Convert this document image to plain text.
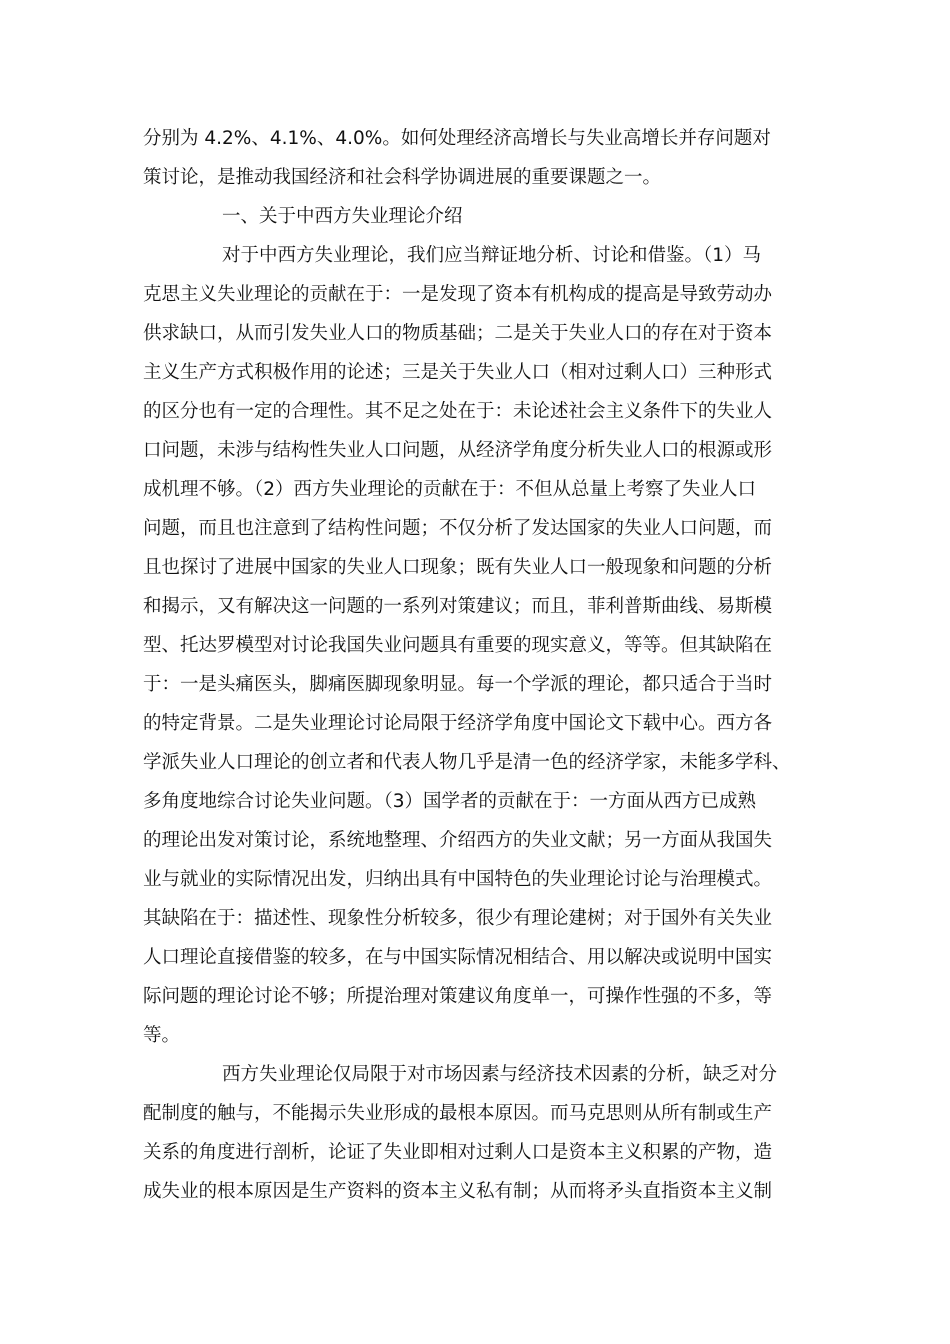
分别为 4.2%、4.1%、4.0%。如何处理经济高增长与失业高增长并存问题对
策讨论，是推动我国经济和社会科学协调进展的重要课题之一。
一、关于中西方失业理论介绍
对于中西方失业理论，我们应当辩证地分析、讨论和借鉴。（1）马
克思主义失业理论的贡献在于：一是发现了资本有机构成的提高是导致劳动办
供求缺口，从而引发失业人口的物质基础；二是关于失业人口的存在对于资本
主义生产方式积极作用的论述；三是关于失业人口（相对过剩人口）三种形式
的区分也有一定的合理性。其不足之处在于：未论述社会主义条件下的失业人
口问题，未涉与结构性失业人口问题，从经济学角度分析失业人口的根源或形
成机理不够。（2）西方失业理论的贡献在于：不但从总量上考察了失业人口
问题，而且也注意到了结构性问题；不仅分析了发达国家的失业人口问题，而
且也探讨了进展中国家的失业人口现象；既有失业人口一般现象和问题的分析
和揭示，又有解决这一问题的一系列对策建议；而且，菲利普斯曲线、易斯模
型、托达罗模型对讨论我国失业问题具有重要的现实意义，等等。但其缺陷在
于：一是头痛医头，脚痛医脚现象明显。每一个学派的理论，都只适合于当时
的特定背景。二是失业理论讨论局限于经济学角度中国论文下载中心。西方各
学派失业人口理论的创立者和代表人物几乎是清一色的经济学家，未能多学科、
多角度地综合讨论失业问题。（3）国学者的贡献在于：一方面从西方已成熟
的理论出发对策讨论，系统地整理、介绍西方的失业文献；另一方面从我国失
业与就业的实际情况出发，归纳出具有中国特色的失业理论讨论与治理模式。
其缺陷在于：描述性、现象性分析较多，很少有理论建树；对于国外有关失业
人口理论直接借鉴的较多，在与中国实际情况相结合、用以解决或说明中国实
际问题的理论讨论不够；所提治理对策建议角度单一，可操作性强的不多，等
等。
西方失业理论仅局限于对市场因素与经济技术因素的分析，缺乏对分
配制度的触与，不能揭示失业形成的最根本原因。而马克思则从所有制或生产
关系的角度进行剖析，论证了失业即相对过剩人口是资本主义积累的产物，造
成失业的根本原因是生产资料的资本主义私有制；从而将矛头直指资本主义制
